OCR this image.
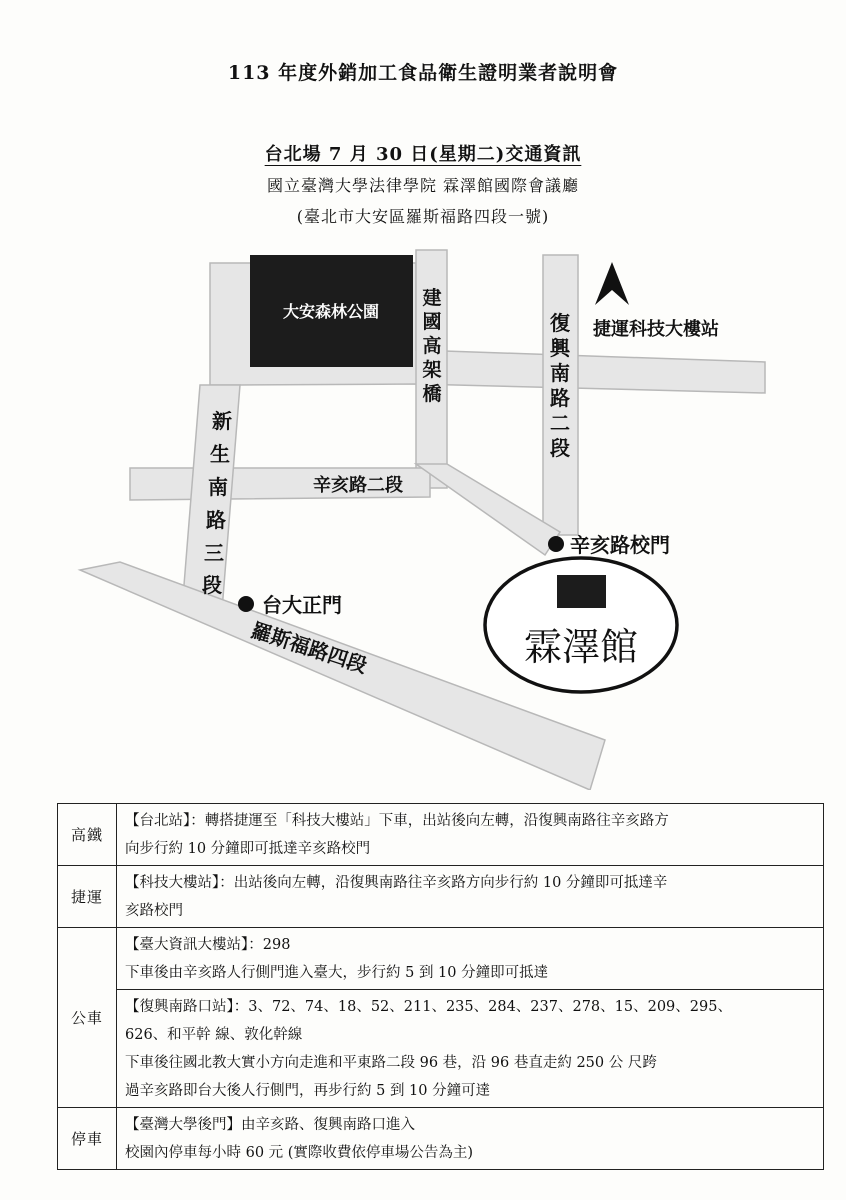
113 年度外銷加工食品衛生證明業者說明會
台北場 7 月 30 日(星期二)交通資訊
國立臺灣大學法律學院 霖澤館國際會議廳
(臺北市大安區羅斯福路四段一號)
大安森林公園
建
國
高
架
橋
復
興
南
路
二
段
捷運科技大樓站
新
生
南
路
三
段
辛亥路二段
辛亥路校門
台大正門
羅斯福路四段	霖澤館
高鐵	【台北站】：轉搭捷運至「科技大樓站」下車，出站後向左轉，沿復興南路往辛亥路方
向步行約 10 分鐘即可抵達辛亥路校門

捷運	【科技大樓站】：出站後向左轉，沿復興南路往辛亥路方向步行約 10 分鐘即可抵達辛
亥路校門

公車	【臺大資訊大樓站】：298
下車後由辛亥路人行側門進入臺大，步行約 5 到 10 分鐘即可抵達

	【復興南路口站】：3、72、74、18、52、211、235、284、237、278、15、209、295、
626、和平幹 線、敦化幹線
下車後往國北教大實小方向走進和平東路二段 96 巷，沿 96 巷直走約 250 公 尺跨
過辛亥路即台大後人行側門，再步行約 5 到 10 分鐘可達

停車	【臺灣大學後門】由辛亥路、復興南路口進入
校園內停車每小時 60 元 (實際收費依停車場公告為主)
